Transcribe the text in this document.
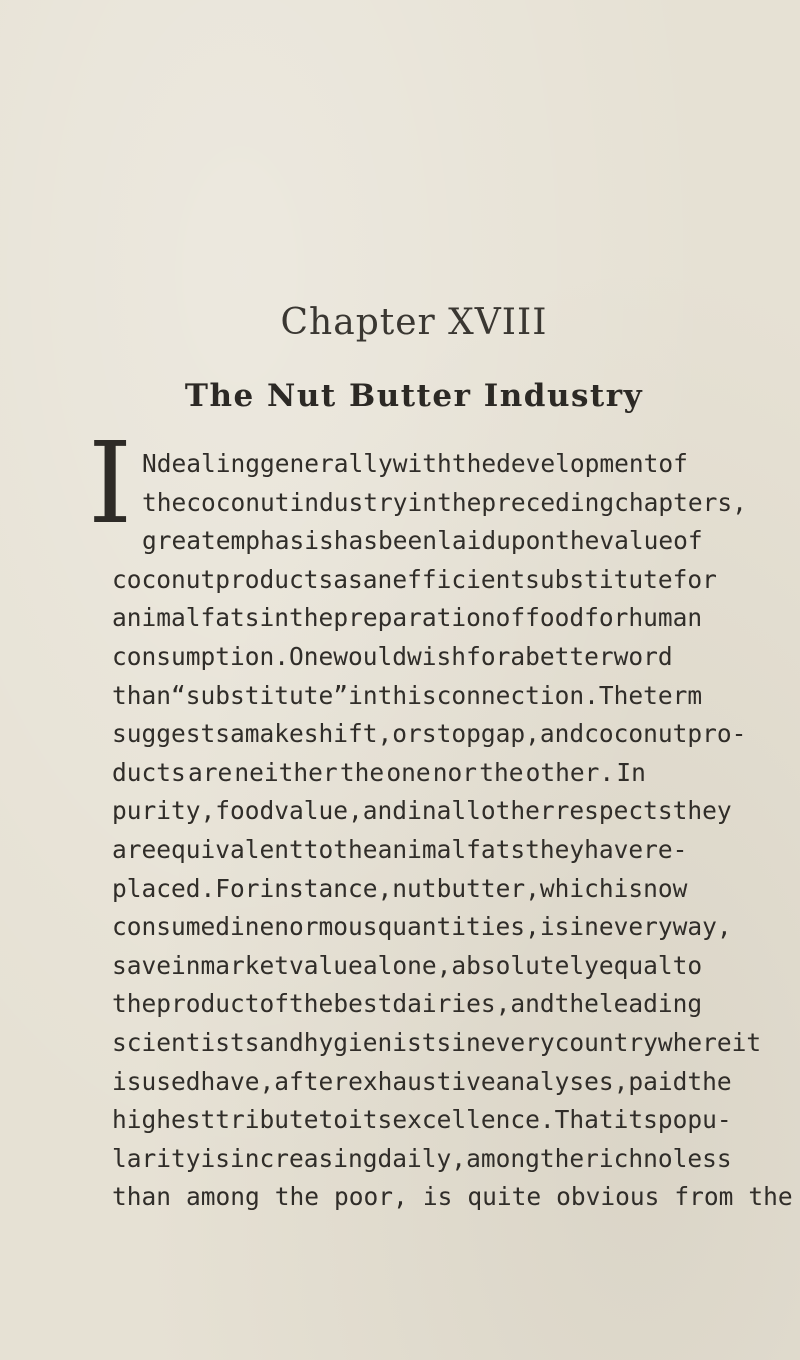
Chapter XVIII
The Nut Butter Industry
I N dealing generally with the development of
the coconut industry in the preceding chapters,
great emphasis has been laid upon the value of
coconut products as an efficient substitute for
animal fats in the preparation of food for human
consumption. One would wish for a better word
than “ substitute ” in this connection. The term
suggests a makeshift, or stopgap, and coconut pro-
ducts are neither the one nor the other. In
purity, food value, and in all other respects they
are equivalent to the animal fats they have re-
placed. For instance, nut butter, which is now
consumed in enormous quantities, is in every way,
save in market value alone, absolutely equal to
the product of the best dairies, and the leading
scientists and hygienists in every country where it
is used have, after exhaustive analyses, paid the
highest tribute to its excellence. That its popu-
larity is increasing daily, among the rich no less
than among the poor, is quite obvious from the
